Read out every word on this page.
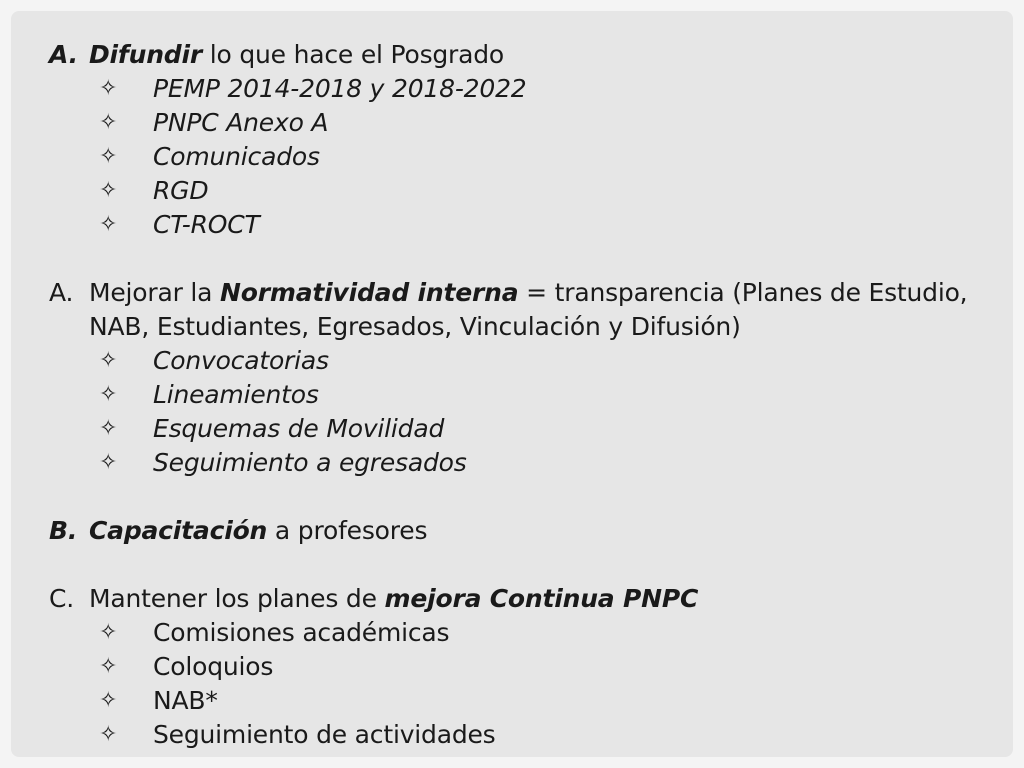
A. Difundir lo que hace el Posgrado
✧	PEMP 2014-2018 y 2018-2022
✧	PNPC Anexo A
✧	Comunicados
✧	RGD
✧	CT-ROCT
A. Mejorar la Normatividad interna = transparencia (Planes de Estudio, NAB, Estudiantes, Egresados, Vinculación y Difusión)
✧	Convocatorias
✧	Lineamientos
✧	Esquemas de Movilidad
✧	Seguimiento a egresados
B. Capacitación a profesores
C. Mantener los planes de mejora Continua PNPC
✧	Comisiones académicas
✧	Coloquios
✧	NAB*
✧	Seguimiento de actividades
